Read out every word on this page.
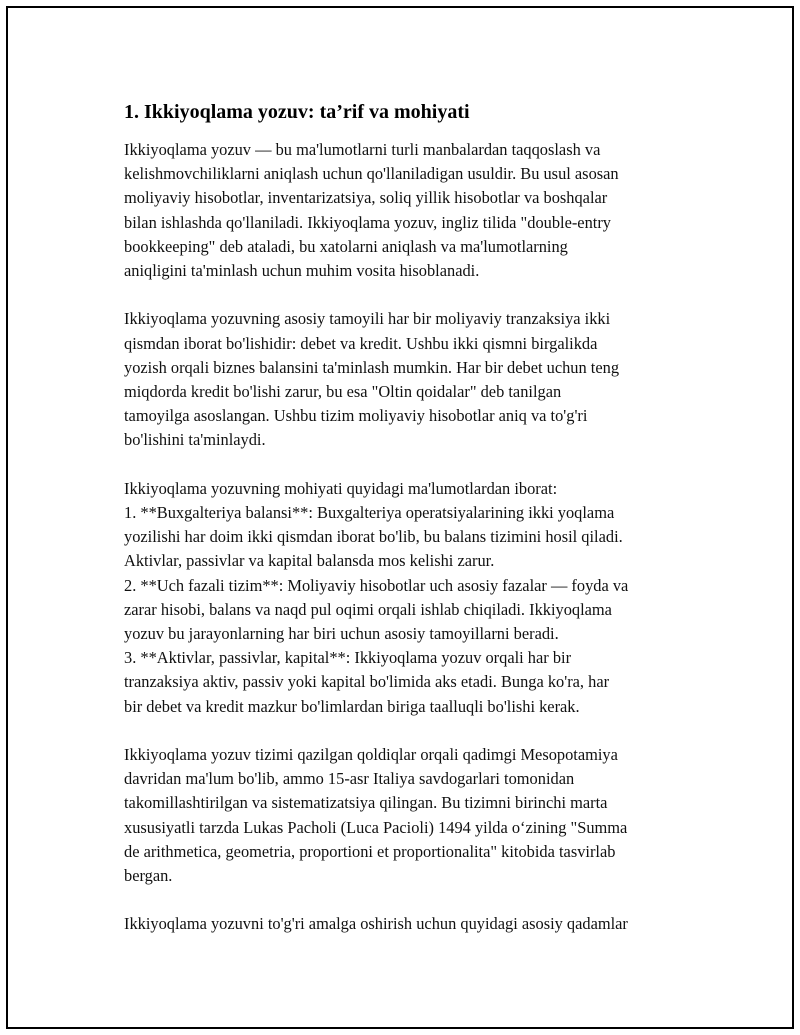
1. Ikkiyoqlama yozuv: ta’rif va mohiyati
Ikkiyoqlama yozuv — bu ma'lumotlarni turli manbalardan taqqoslash va
kelishmovchiliklarni aniqlash uchun qo'llaniladigan usuldir. Bu usul asosan
moliyaviy hisobotlar, inventarizatsiya, soliq yillik hisobotlar va boshqalar
bilan ishlashda qo'llaniladi. Ikkiyoqlama yozuv, ingliz tilida "double-entry
bookkeeping" deb ataladi, bu xatolarni aniqlash va ma'lumotlarning
aniqligini ta'minlash uchun muhim vosita hisoblanadi.
Ikkiyoqlama yozuvning asosiy tamoyili har bir moliyaviy tranzaksiya ikki
qismdan iborat bo'lishidir: debet va kredit. Ushbu ikki qismni birgalikda
yozish orqali biznes balansini ta'minlash mumkin. Har bir debet uchun teng
miqdorda kredit bo'lishi zarur, bu esa "Oltin qoidalar" deb tanilgan
tamoyilga asoslangan. Ushbu tizim moliyaviy hisobotlar aniq va to'g'ri
bo'lishini ta'minlaydi.
Ikkiyoqlama yozuvning mohiyati quyidagi ma'lumotlardan iborat:
1. **Buxgalteriya balansi**: Buxgalteriya operatsiyalarining ikki yoqlama
yozilishi har doim ikki qismdan iborat bo'lib, bu balans tizimini hosil qiladi.
Aktivlar, passivlar va kapital balansda mos kelishi zarur.
2. **Uch fazali tizim**: Moliyaviy hisobotlar uch asosiy fazalar — foyda va
zarar hisobi, balans va naqd pul oqimi orqali ishlab chiqiladi. Ikkiyoqlama
yozuv bu jarayonlarning har biri uchun asosiy tamoyillarni beradi.
3. **Aktivlar, passivlar, kapital**: Ikkiyoqlama yozuv orqali har bir
tranzaksiya aktiv, passiv yoki kapital bo'limida aks etadi. Bunga ko'ra, har
bir debet va kredit mazkur bo'limlardan biriga taalluqli bo'lishi kerak.
Ikkiyoqlama yozuv tizimi qazilgan qoldiqlar orqali qadimgi Mesopotamiya
davridan ma'lum bo'lib, ammo 15-asr Italiya savdogarlari tomonidan
takomillashtirilgan va sistematizatsiya qilingan. Bu tizimni birinchi marta
xususiyatli tarzda Lukas Pacholi (Luca Pacioli) 1494 yilda o‘zining "Summa
de arithmetica, geometria, proportioni et proportionalita" kitobida tasvirlab
bergan.
Ikkiyoqlama yozuvni to'g'ri amalga oshirish uchun quyidagi asosiy qadamlar
